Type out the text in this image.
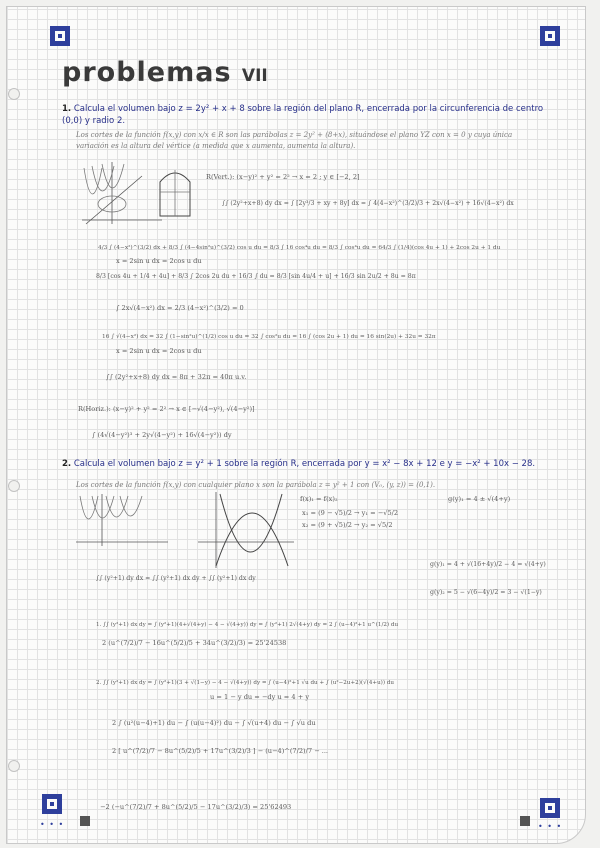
• • •	• • •
problemas VII
1. Calcula el volumen bajo z = 2y² + x + 8 sobre la región del plano R, encerrada por la circunferencia de centro (0,0) y radio 2.
Los cortes de la función f(x,y) con x/x ∈ R son las parábolas z = 2y² + (8+x), situándose el plano YZ con x = 0 y cuya única variación es la altura del vértice (a medida que x aumenta, aumenta la altura).
R(Vert.): (x−y)² + y² = 2² → x = 2 ; y ∈ [−2, 2]
∫∫ (2y²+x+8) dy dx = ∫ [2y³/3 + xy + 8y] dx = ∫ 4(4−x²)^(3/2)/3 + 2x√(4−x²) + 16√(4−x²) dx
4/3 ∫ (4−x²)^(3/2) dx + 8/3 ∫ (4−4sin²u)^(3/2) cos u du = 8/3 ∫ 16 cos⁴u du = 8/3 ∫ cos⁴u du = 64/3 ∫ (1/4)(cos 4u + 1) + 2cos 2u + 1 du
x = 2sin u dx = 2cos u du
8/3 [cos 4u + 1/4 + 4u] + 8/3 ∫ 2cos 2u du + 16/3 ∫ du = 8/3 [sin 4u/4 + u] + 16/3 sin 2u/2 + 8u = 8π
∫ 2x√(4−x²) dx = 2/3 (4−x²)^(3/2) = 0
16 ∫ √(4−x²) dx = 32 ∫ (1−sin²u)^(1/2) cos u du = 32 ∫ cos²u du = 16 ∫ (cos 2u + 1) du = 16 sin(2u) + 32u = 32π
x = 2sin u dx = 2cos u du
∫∫ (2y²+x+8) dy dx = 8π + 32π = 40π u.v.
R(Horiz.): (x−y)² + y² = 2² → x ∈ [−√(4−y²), √(4−y²)]
∫ (4√(4−y²)³ + 2y√(4−y²) + 16√(4−y²)) dy
2. Calcula el volumen bajo z = y² + 1 sobre la región R, encerrada por y = x² − 8x + 12 e y = −x² + 10x − 28.
Los cortes de la función f(x,y) con cualquier plano x son la parábola z = y² + 1 con (V₀, (y, z)) = (0,1).
f(x)₁ = f(x)₂
x₁ = (9 − √5)/2 → y₁ = −√5/2
x₂ = (9 + √5)/2 → y₂ = √5/2
g(y)₁ = 4 ± √(4+y)
∫∫ (y²+1) dy dx = ∫∫ (y²+1) dx dy + ∫∫ (y²+1) dx dy
g(y)₁ = 4 + √(16+4y)/2 − 4 = √(4+y)
g(y)₂ = 5 − √(6−4y)/2 = 3 − √(1−y)
1. ∫∫ (y²+1) dx dy = ∫ (y²+1)(4+√(4+y) − 4 − √(4+y)) dy = ∫ (y²+1) 2√(4+y) dy = 2 ∫ (u−4)²+1 u^(1/2) du
2 (u^(7/2)/7 − 16u^(5/2)/5 + 34u^(3/2)/3) = 25'24538
2. ∫∫ (y²+1) dx dy = ∫ (y²+1)(3 + √(1−y) − 4 − √(4+y)) dy = ∫ (u−4)²+1 √u du + ∫ (u²−2u+2)(√(4+u)) du
u = 1 − y du = −dy u = 4 + y
2 ∫ (u²(u−4)+1) du − ∫ (u(u−4)²) du − ∫ √(u+4) du − ∫ √u du
2 [ u^(7/2)/7 − 8u^(5/2)/5 + 17u^(3/2)/3 ] − (u−4)^(7/2)/7 − ...
−2 (−u^(7/2)/7 + 8u^(5/2)/5 − 17u^(3/2)/3) = 25'62493
